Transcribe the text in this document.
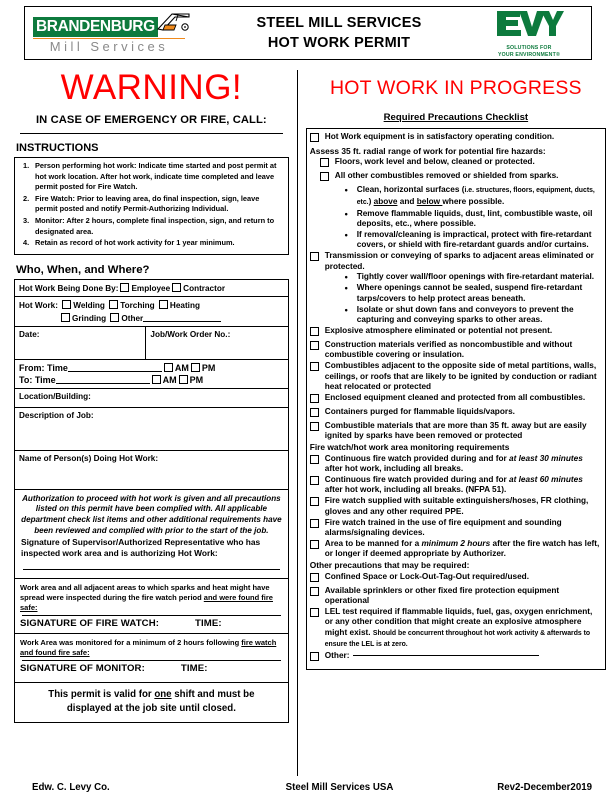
BRANDENBURG
Mill Services
STEEL MILL SERVICES
HOT WORK PERMIT	SOLUTIONS FOR
YOUR ENVIRONMENT®
WARNING!
IN CASE OF EMERGENCY OR FIRE, CALL:
INSTRUCTIONS
1. Person performing hot work: Indicate time started and post permit at hot work location. After hot work, indicate time completed and leave permit posted for Fire Watch.
2. Fire Watch: Prior to leaving area, do final inspection, sign, leave permit posted and notify Permit-Authorizing Individual.
3. Monitor: After 2 hours, complete final inspection, sign, and return to designated area.
4. Retain as record of hot work activity for 1 year minimum.
Who, When, and Where?
Hot Work Being Done By: Employee Contractor

Hot Work: Welding Torching Heating
Grinding Other

Date:	Job/Work Order No.:

From: Time	AM PM
To: Time	AM PM

Location/Building:
Description of Job:
Name of Person(s) Doing Hot Work:

Authorization to proceed with hot work is given and all precautions listed on this permit have been complied with. All applicable department check list items and other additional requirements have been reviewed and complied with prior to the start of the job.
Signature of Supervisor/Authorized Representative who has inspected work area and is authorizing Hot Work:

Work area and all adjacent areas to which sparks and heat might have spread were inspected during the fire watch period and were found fire safe:
SIGNATURE OF FIRE WATCH:	TIME:

Work Area was monitored for a minimum of 2 hours following fire watch and found fire safe:
SIGNATURE OF MONITOR:	TIME:

This permit is valid for one shift and must be
displayed at the job site until closed.
HOT WORK IN PROGRESS
Required Precautions Checklist
Hot Work equipment is in satisfactory operating condition.
Assess 35 ft. radial range of work for potential fire hazards:
Floors, work level and below, cleaned or protected.
All other combustibles removed or shielded from sparks.
•	Clean, horizontal surfaces (i.e. structures, floors, equipment, ducts, etc.) above and below where possible.
•	Remove flammable liquids, dust, lint, combustible waste, oil deposits, etc., where possible.
•	If removal/cleaning is impractical, protect with fire-retardant covers, or shield with fire-retardant guards and/or curtains.
Transmission or conveying of sparks to adjacent areas eliminated or protected.
•	Tightly cover wall/floor openings with fire-retardant material.
•	Where openings cannot be sealed, suspend fire-retardant tarps/covers to help protect areas beneath.
•	Isolate or shut down fans and conveyors to prevent the capturing and conveying sparks to other areas.
Explosive atmosphere eliminated or potential not present.
Construction materials verified as noncombustible and without combustible covering or insulation.
Combustibles adjacent to the opposite side of metal partitions, walls, ceilings, or roofs that are likely to be ignited by conduction or radiant heat relocated or protected
Enclosed equipment cleaned and protected from all combustibles.
Containers purged for flammable liquids/vapors.
Combustible materials that are more than 35 ft. away but are easily ignited by sparks have been removed or protected
Fire watch/hot work area monitoring requirements
Continuous fire watch provided during and for at least 30 minutes after hot work, including all breaks.
Continuous fire watch provided during and for at least 60 minutes after hot work, including all breaks. (NFPA 51).
Fire watch supplied with suitable extinguishers/hoses, FR clothing, gloves and any other required PPE.
Fire watch trained in the use of fire equipment and sounding alarms/signaling devices.
Area to be manned for a minimum 2 hours after the fire watch has left, or longer if deemed appropriate by Authorizer.
Other precautions that may be required:
Confined Space or Lock-Out-Tag-Out required/used.
Available sprinklers or other fixed fire protection equipment operational
LEL test required if flammable liquids, fuel, gas, oxygen enrichment, or any other condition that might create an explosive atmosphere might exist. Should be concurrent throughout hot work activity & afterwards to ensure the LEL is at zero.
Other:
Edw. C. Levy Co.	Steel Mill Services USA	Rev2-December2019
